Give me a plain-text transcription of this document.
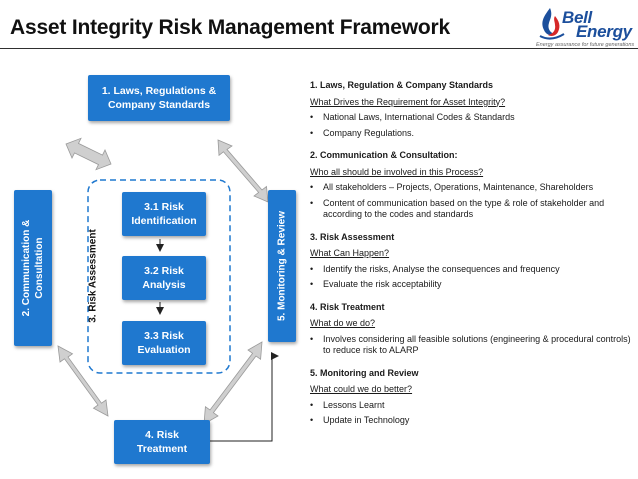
Asset Integrity Risk Management Framework	Bell
Energy
Energy assurance for future generations
1. Laws, Regulations & Company Standards
2. Communication & Consultation	3. Risk Assessment
3.1 Risk Identification
3.2 Risk Analysis
3.3 Risk Evaluation
5. Monitoring & Review
4. Risk Treatment
1. Laws, Regulation & Company Standards
What Drives the Requirement for Asset Integrity?
• National Laws, International Codes & Standards
• Company Regulations.
2. Communication & Consultation:
Who all should be involved in this Process?
• All stakeholders – Projects, Operations, Maintenance, Shareholders
• Content of communication based on the type & role of stakeholder and according to the codes and standards
3. Risk Assessment
What Can Happen?
• Identify the risks, Analyse the consequences and frequency
• Evaluate the risk acceptability
4. Risk Treatment
What do we do?
• Involves considering all feasible solutions (engineering & procedural controls) to reduce risk to ALARP
5. Monitoring and Review
What could we do better?
• Lessons Learnt
• Update in Technology
